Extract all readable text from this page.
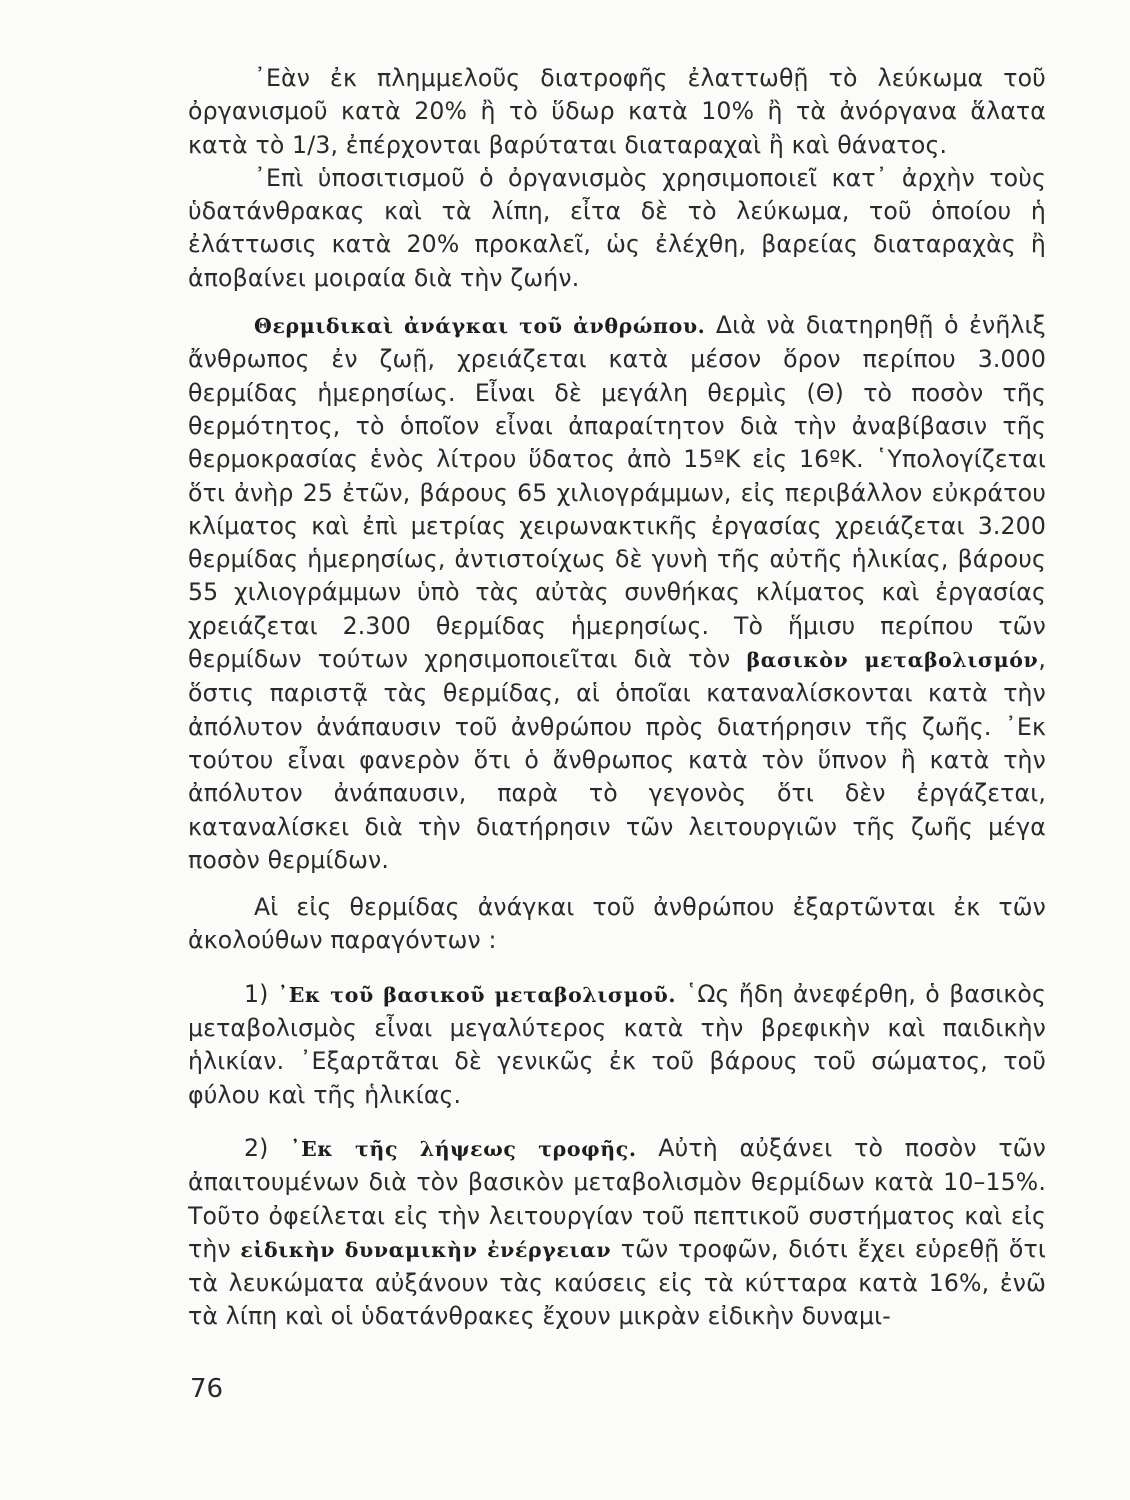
᾿Εὰν ἐκ πλημμελοῦς διατροφῆς ἐλαττωθῇ τὸ λεύκωμα τοῦ ὀργανισμοῦ κατὰ 20% ἢ τὸ ὕδωρ κατὰ 10% ἢ τὰ ἀνόργανα ἅλατα κατὰ τὸ 1/3, ἐπέρχονται βαρύταται διαταραχαὶ ἢ καὶ θάνατος.

᾿Επὶ ὑποσιτισμοῦ ὁ ὀργανισμὸς χρησιμοποιεῖ κατ᾿ ἀρχὴν τοὺς ὑδατάνθρακας καὶ τὰ λίπη, εἶτα δὲ τὸ λεύκωμα, τοῦ ὁποίου ἡ ἐλάττωσις κατὰ 20% προκαλεῖ, ὡς ἐλέχθη, βαρείας διαταραχὰς ἢ ἀποβαίνει μοιραία διὰ τὴν ζωήν.

Θερμιδικαὶ ἀνάγκαι τοῦ ἀνθρώπου. Διὰ νὰ διατηρηθῇ ὁ ἐνῆλιξ ἄνθρωπος ἐν ζωῇ, χρειάζεται κατὰ μέσον ὅρον περίπου 3.000 θερμίδας ἡμερησίως. Εἶναι δὲ μεγάλη θερμὶς (Θ) τὸ ποσὸν τῆς θερμότητος, τὸ ὁποῖον εἶναι ἀπαραίτητον διὰ τὴν ἀναβίβασιν τῆς θερμοκρασίας ἑνὸς λίτρου ὕδατος ἀπὸ 15ºΚ εἰς 16ºΚ. ῾Υπολογίζεται ὅτι ἀνὴρ 25 ἐτῶν, βάρους 65 χιλιογράμμων, εἰς περιβάλλον εὐκράτου κλίματος καὶ ἐπὶ μετρίας χειρωνακτικῆς ἐργασίας χρειάζεται 3.200 θερμίδας ἡμερησίως, ἀντιστοίχως δὲ γυνὴ τῆς αὐτῆς ἡλικίας, βάρους 55 χιλιογράμμων ὑπὸ τὰς αὐτὰς συνθήκας κλίματος καὶ ἐργασίας χρειάζεται 2.300 θερμίδας ἡμερησίως. Τὸ ἥμισυ περίπου τῶν θερμίδων τούτων χρησιμοποιεῖται διὰ τὸν βασικὸν μεταβολισμόν, ὅστις παριστᾷ τὰς θερμίδας, αἱ ὁποῖαι καταναλίσκονται κατὰ τὴν ἀπόλυτον ἀνάπαυσιν τοῦ ἀνθρώπου πρὸς διατήρησιν τῆς ζωῆς. ᾿Εκ τούτου εἶναι φανερὸν ὅτι ὁ ἄνθρωπος κατὰ τὸν ὕπνον ἢ κατὰ τὴν ἀπόλυτον ἀνάπαυσιν, παρὰ τὸ γεγονὸς ὅτι δὲν ἐργάζεται, καταναλίσκει διὰ τὴν διατήρησιν τῶν λειτουργιῶν τῆς ζωῆς μέγα ποσὸν θερμίδων.

Αἱ εἰς θερμίδας ἀνάγκαι τοῦ ἀνθρώπου ἐξαρτῶνται ἐκ τῶν ἀκολούθων παραγόντων :

1) ᾿Εκ τοῦ βασικοῦ μεταβολισμοῦ. ῾Ως ἤδη ἀνεφέρθη, ὁ βασικὸς μεταβολισμὸς εἶναι μεγαλύτερος κατὰ τὴν βρεφικὴν καὶ παιδικὴν ἡλικίαν. ᾿Εξαρτᾶται δὲ γενικῶς ἐκ τοῦ βάρους τοῦ σώματος, τοῦ φύλου καὶ τῆς ἡλικίας.

2) ᾿Εκ τῆς λήψεως τροφῆς. Αὐτὴ αὐξάνει τὸ ποσὸν τῶν ἀπαιτουμένων διὰ τὸν βασικὸν μεταβολισμὸν θερμίδων κατὰ 10–15%. Τοῦτο ὀφείλεται εἰς τὴν λειτουργίαν τοῦ πεπτικοῦ συστήματος καὶ εἰς τὴν εἰδικὴν δυναμικὴν ἐνέργειαν τῶν τροφῶν, διότι ἔχει εὑρεθῇ ὅτι τὰ λευκώματα αὐξάνουν τὰς καύσεις εἰς τὰ κύτταρα κατὰ 16%, ἐνῶ τὰ λίπη καὶ οἱ ὑδατάνθρακες ἔχουν μικρὰν εἰδικὴν δυναμι-

76
